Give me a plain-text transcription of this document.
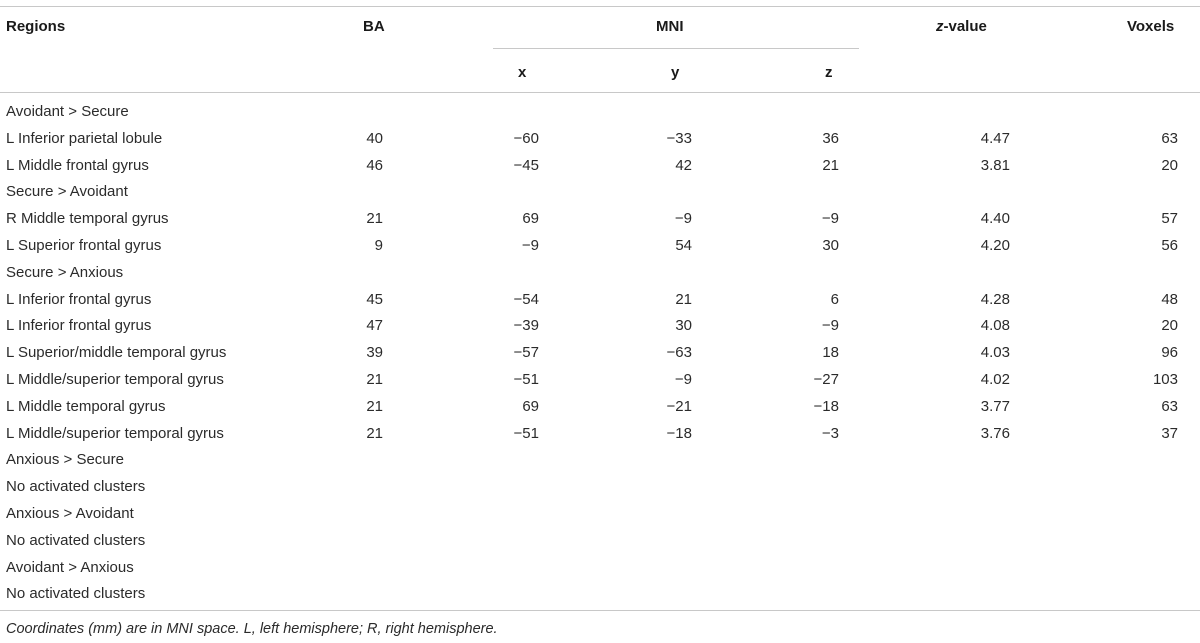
Regions	BA	MNI	z-value	Voxels
x	y	z
Avoidant > Secure
L Inferior parietal lobule	40	−60	−33	36	4.47	63
L Middle frontal gyrus	46	−45	42	21	3.81	20
Secure > Avoidant
R Middle temporal gyrus	21	69	−9	−9	4.40	57
L Superior frontal gyrus	9	−9	54	30	4.20	56
Secure > Anxious
L Inferior frontal gyrus	45	−54	21	6	4.28	48
L Inferior frontal gyrus	47	−39	30	−9	4.08	20
L Superior/middle temporal gyrus	39	−57	−63	18	4.03	96
L Middle/superior temporal gyrus	21	−51	−9	−27	4.02	103
L Middle temporal gyrus	21	69	−21	−18	3.77	63
L Middle/superior temporal gyrus	21	−51	−18	−3	3.76	37
Anxious > Secure
No activated clusters
Anxious > Avoidant
No activated clusters
Avoidant > Anxious
No activated clusters
Coordinates (mm) are in MNI space. L, left hemisphere; R, right hemisphere.
